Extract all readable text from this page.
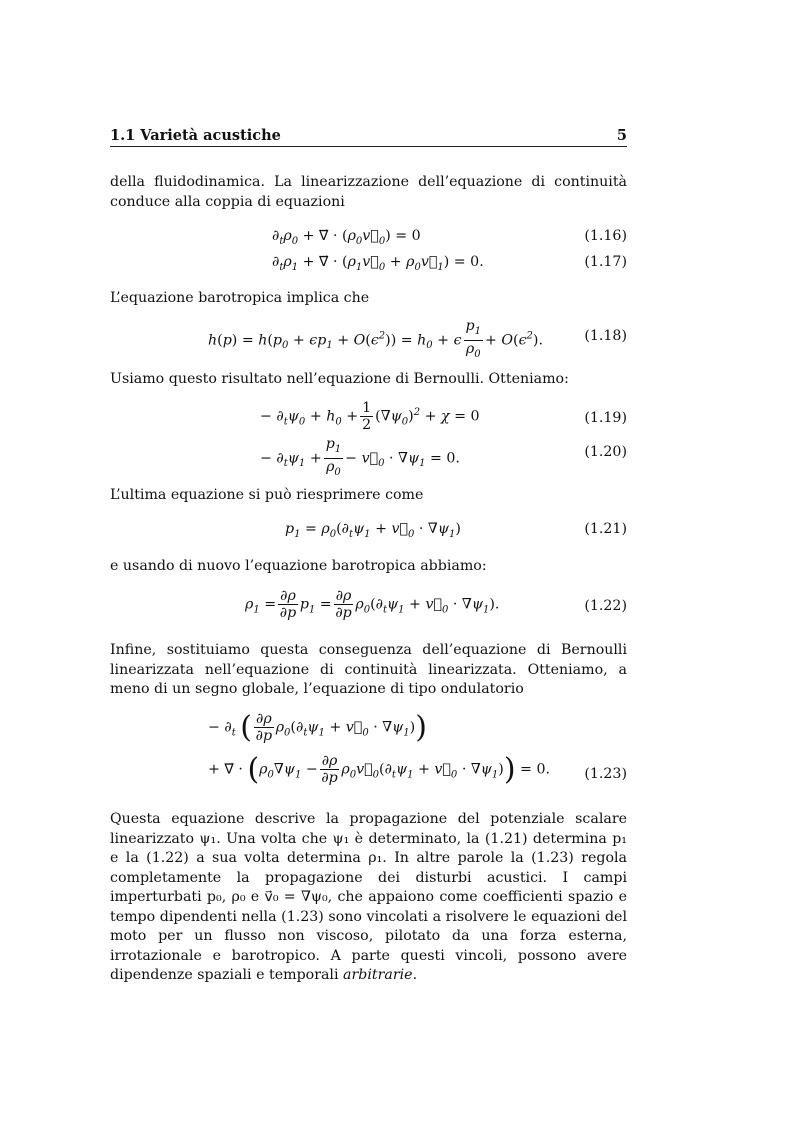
1.1 Varietà acustiche	5
della fluidodinamica. La linearizzazione dell’equazione di continuità conduce alla coppia di equazioni
$\partial_t\rho_0$ + ∇⃗ · $(\rho_0v⃗_0) = 0$	(1.16)
$\partial_t\rho_1$ + ∇⃗ · ($\rho_1v⃗_0$ + $\rho_0v⃗_1) = 0$.	(1.17)
L’equazione barotropica implica che
$h(p) = h(p_0 + \epsilon p_1 + O(\epsilon^2)) = h_0 + \epsilon \frac{p_1}{\rho_0} + O(\epsilon^2)$.	(1.18)
Usiamo questo risultato nell’equazione di Bernoulli. Otteniamo:
− $\partial_t\psi_0 + h_0 + \frac{1}{2} (\nabla\psi_0)^2 + \chi = 0$	(1.19)
− $\partial_t\psi_1 + \frac{p_1}{\rho_0}$ − $v⃗_0 \cdot \nabla\psi_1 = 0$.	(1.20)
L’ultima equazione si può riesprimere come
$p_1 = \rho_0(\partial_t\psi_1$ + $v⃗_0 \cdot \nabla\psi_1$)	(1.21)
e usando di nuovo l’equazione barotropica abbiamo:
$\rho_1 = \frac{\partial\rho}{\partial p} p_1 = \frac{\partial\rho}{\partial p} \rho_0(\partial_t\psi_1$ + $v⃗_0 \cdot \nabla\psi_1$).	(1.22)
Infine, sostituiamo questa conseguenza dell’equazione di Bernoulli linearizzata nell’equazione di continuità linearizzata. Otteniamo, a meno di un segno globale, l’equazione di tipo ondulatorio
− $\partial_t$ ( $\frac{\partial\rho}{\partial p} \rho_0(\partial_t\psi_1$ + $v⃗_0 \cdot \nabla\psi_1$))
+ ∇⃗ · ($\rho_0\nabla\psi_1 - \frac{\partial\rho}{\partial p}$ $\rho_0v⃗_0(\partial_t\psi_1$ + $v⃗_0 \cdot \nabla\psi_1)) = 0$. (1.23)
Questa equazione descrive la propagazione del potenziale scalare linearizzato ψ₁. Una volta che ψ₁ è determinato, la (1.21) determina p₁ e la (1.22) a sua volta determina ρ₁. In altre parole la (1.23) regola completamente la propagazione dei disturbi acustici. I campi imperturbati p₀, ρ₀ e v⃗₀ = ∇ψ₀, che appaiono come coefficienti spazio e tempo dipendenti nella (1.23) sono vincolati a risolvere le equazioni del moto per un flusso non viscoso, pilotato da una forza esterna, irrotazionale e barotropico. A parte questi vincoli, possono avere dipendenze spaziali e temporali arbitrarie.
